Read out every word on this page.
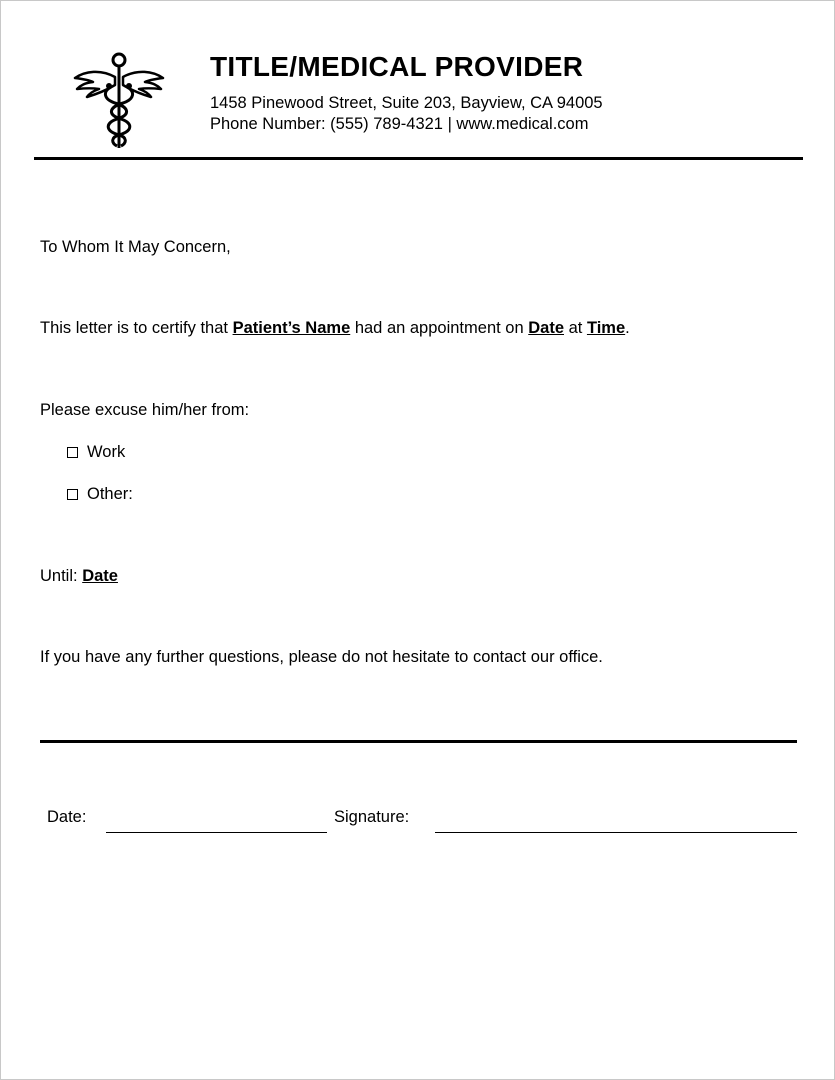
TITLE/MEDICAL PROVIDER
1458 Pinewood Street, Suite 203, Bayview, CA 94005
Phone Number: (555) 789-4321 | www.medical.com
To Whom It May Concern,
This letter is to certify that Patient’s Name had an appointment on Date at Time.
Please excuse him/her from:
Work
Other:
Until: Date
If you have any further questions, please do not hesitate to contact our office.
Date:	Signature:
